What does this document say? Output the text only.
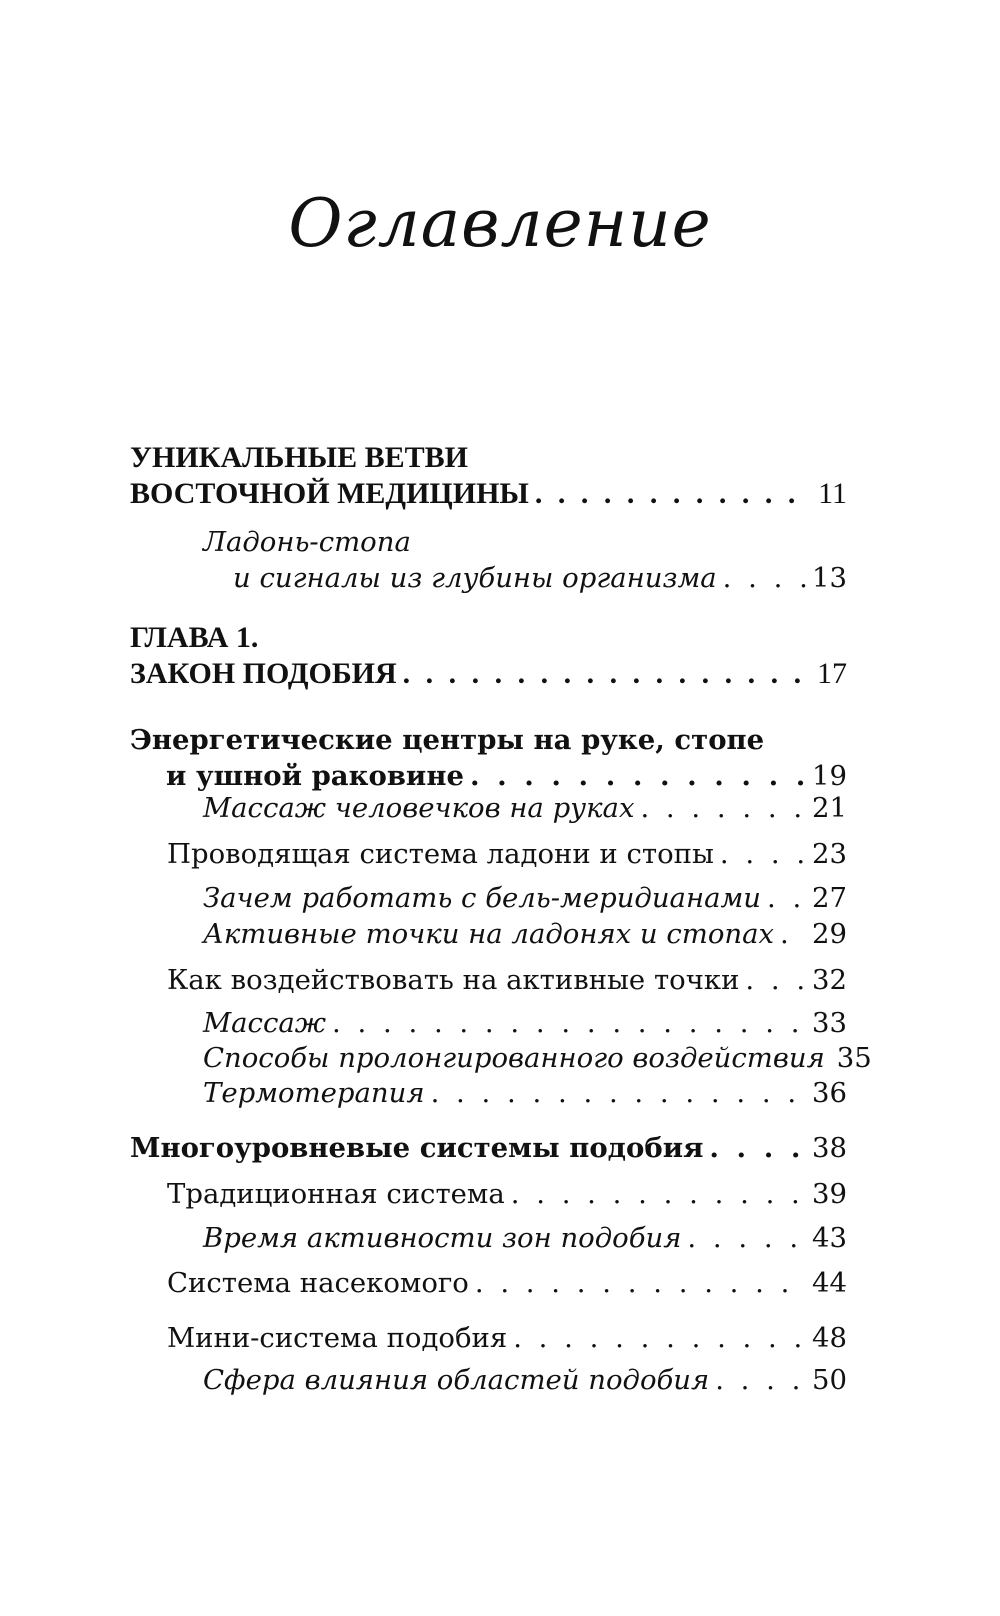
Оглавление
УНИКАЛЬНЫЕ ВЕТВИ
ВОСТОЧНОЙ МЕДИЦИНЫ . . .	11
Ладонь-стопа
и сигналы из глубины организма . . .	13
ГЛАВА 1.
ЗАКОН ПОДОБИЯ . . .	17
Энергетические центры на руке, стопе
и ушной раковине . . .	19
Массаж человечков на руках . . .	21
Проводящая система ладони и стопы . . .	23
Зачем работать с бель-меридианами . . . 27
Активные точки на ладонях и стопах . . . 29
Как воздействовать на активные точки . . .	32
Массаж . . .	33
Способы пролонгированного воздействия 35
Термотерапия . . .	36
Многоуровневые системы подобия . . .	38
Традиционная система . . .	39
Время активности зон подобия . . .	43
Система насекомого . . .	44
Мини-система подобия . . .	48
Сфера влияния областей подобия . . .	50
